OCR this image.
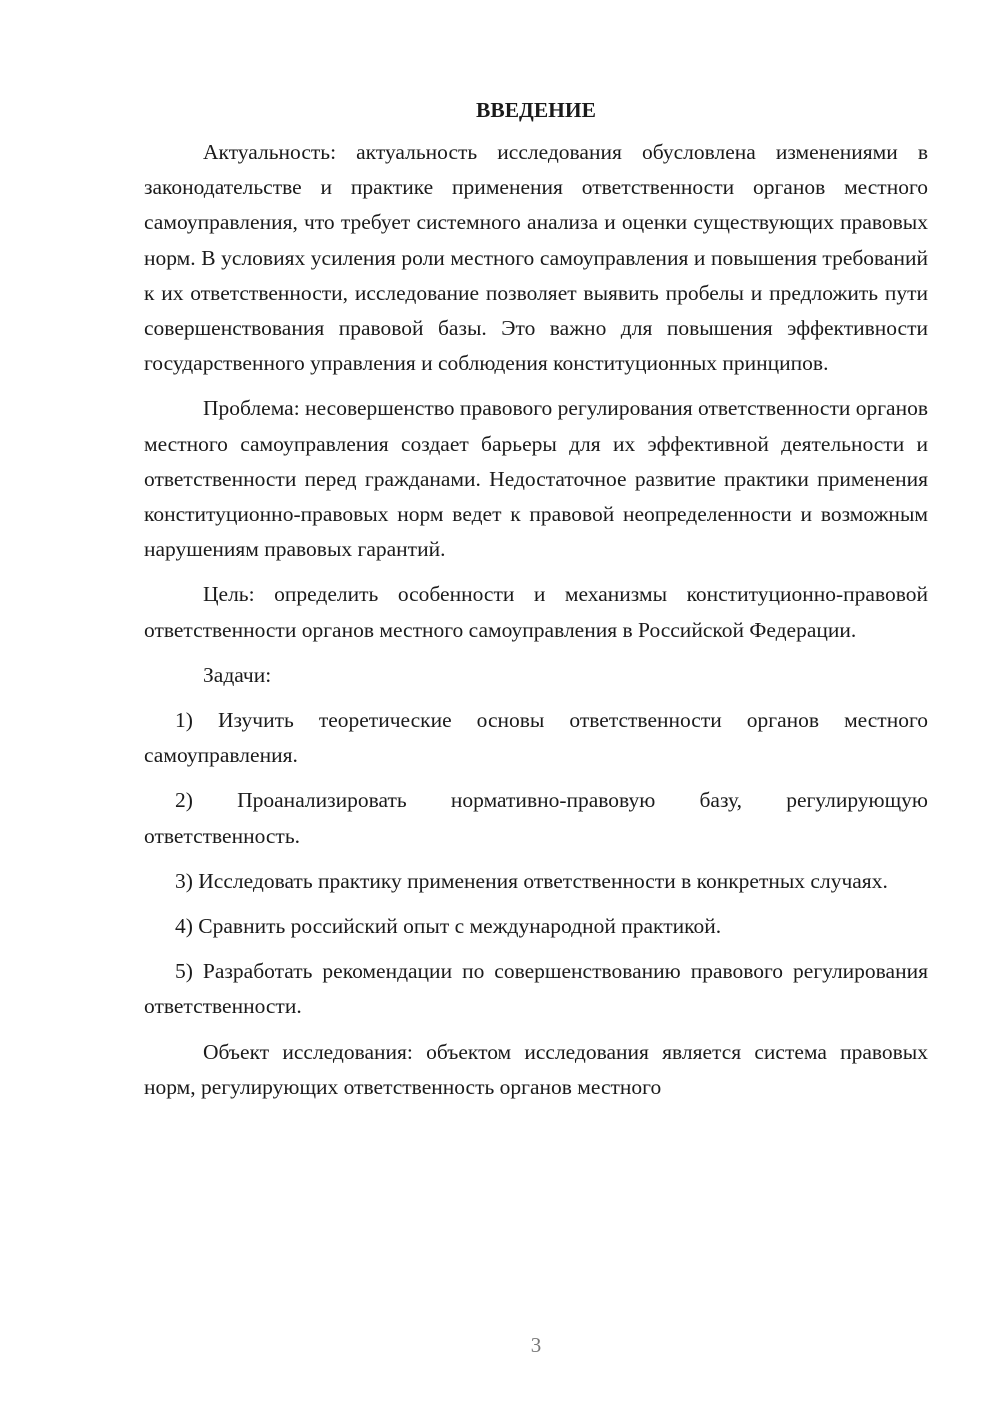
ВВЕДЕНИЕ

Актуальность: актуальность исследования обусловлена изменениями в законодательстве и практике применения ответственности органов местного самоуправления, что требует системного анализа и оценки существующих правовых норм. В условиях усиления роли местного самоуправления и повышения требований к их ответственности, исследование позволяет выявить пробелы и предложить пути совершенствования правовой базы. Это важно для повышения эффективности государственного управления и соблюдения конституционных принципов.

Проблема: несовершенство правового регулирования ответственности органов местного самоуправления создает барьеры для их эффективной деятельности и ответственности перед гражданами. Недостаточное развитие практики применения конституционно-правовых норм ведет к правовой неопределенности и возможным нарушениям правовых гарантий.

Цель: определить особенности и механизмы конституционно-правовой ответственности органов местного самоуправления в Российской Федерации.

Задачи:

1) Изучить теоретические основы ответственности органов местного самоуправления.

2) Проанализировать нормативно-правовую базу, регулирующую ответственность.

3) Исследовать практику применения ответственности в конкретных случаях.

4) Сравнить российский опыт с международной практикой.

5) Разработать рекомендации по совершенствованию правового регулирования ответственности.

Объект исследования: объектом исследования является система правовых норм, регулирующих ответственность органов местного

3
